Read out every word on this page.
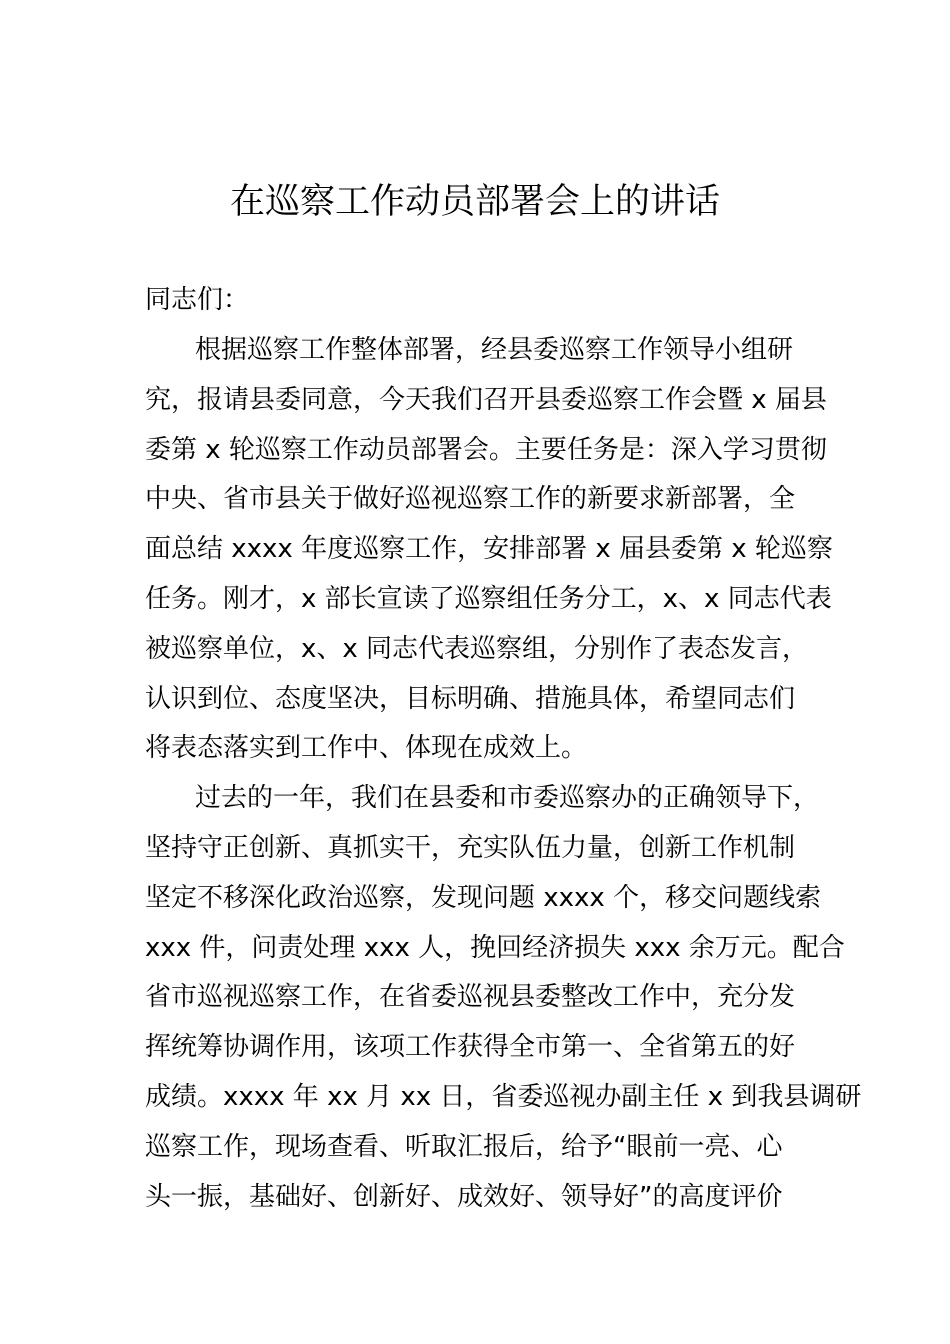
在巡察工作动员部署会上的讲话
同志们：
根据巡察工作整体部署，经县委巡察工作领导小组研
究，报请县委同意，今天我们召开县委巡察工作会暨 x 届县
委第 x 轮巡察工作动员部署会。主要任务是：深入学习贯彻
中央、省市县关于做好巡视巡察工作的新要求新部署，全
面总结 xxxx 年度巡察工作，安排部署 x 届县委第 x 轮巡察
任务。刚才，x 部长宣读了巡察组任务分工，x、x 同志代表
被巡察单位，x、x 同志代表巡察组，分别作了表态发言，
认识到位、态度坚决，目标明确、措施具体，希望同志们
将表态落实到工作中、体现在成效上。
过去的一年，我们在县委和市委巡察办的正确领导下，
坚持守正创新、真抓实干，充实队伍力量，创新工作机制
坚定不移深化政治巡察，发现问题 xxxx 个，移交问题线索
xxx 件，问责处理 xxx 人，挽回经济损失 xxx 余万元。配合
省市巡视巡察工作，在省委巡视县委整改工作中，充分发
挥统筹协调作用，该项工作获得全市第一、全省第五的好
成绩。xxxx 年 xx 月 xx 日，省委巡视办副主任 x 到我县调研
巡察工作，现场查看、听取汇报后，给予“眼前一亮、心
头一振，基础好、创新好、成效好、领导好”的高度评价
